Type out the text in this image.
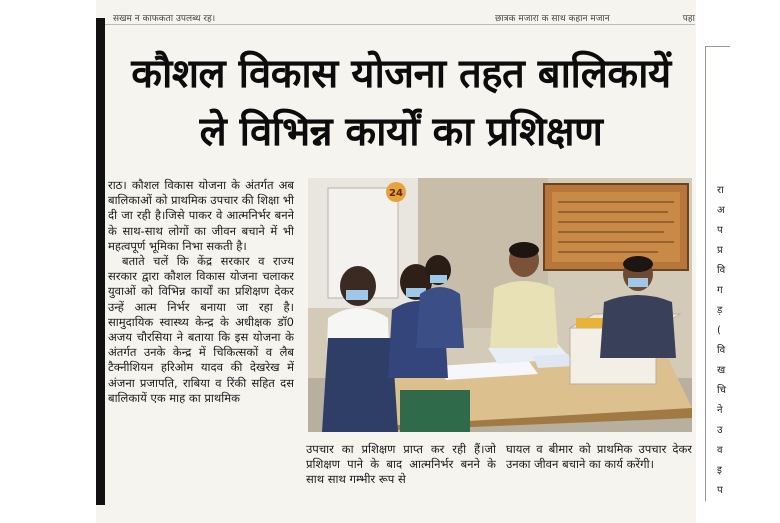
सखम न काफकता उपलब्ध रह।	छात्रक मजारा क साथ कहान मजान	पहा
कौशल विकास योजना तहत बालिकायें
ले विभिन्न कार्यों का प्रशिक्षण

राठ। कौशल विकास योजना के अंतर्गत अब बालिकाओं को प्राथमिक उपचार की शिक्षा भी दी जा रही है।जिसे पाकर वे आत्मनिर्भर बनने के साथ-साथ लोगों का जीवन बचाने में भी महत्वपूर्ण भूमिका निभा सकती है।

बताते चलें कि केंद्र सरकार व राज्य सरकार द्वारा कौशल विकास योजना चलाकर युवाओं को विभिन्न कार्यों का प्रशिक्षण देकर उन्हें आत्म निर्भर बनाया जा रहा है। सामुदायिक स्वास्थ्य केन्द्र के अधीक्षक डॉ0 अजय चौरसिया ने बताया कि इस योजना के अंतर्गत उनके केन्द्र में चिकित्सकों व लैब टैक्नीशियन हरिओम यादव की देखरेख में अंजना प्रजापति, राबिया व रिंकी सहित दस बालिकायें एक माह का प्राथमिक

24

उपचार का प्रशिक्षण प्राप्त कर रही हैं।जो प्रशिक्षण पाने के बाद आत्मनिर्भर बनने के साथ साथ गम्भीर रूप से

घायल व बीमार को प्राथमिक उपचार देकर उनका जीवन बचाने का कार्य करेंगी।

रा
अ
प
प्र
वि
ग
ड़
(
वि
ख
चि
ने
उ
व
इ
प
